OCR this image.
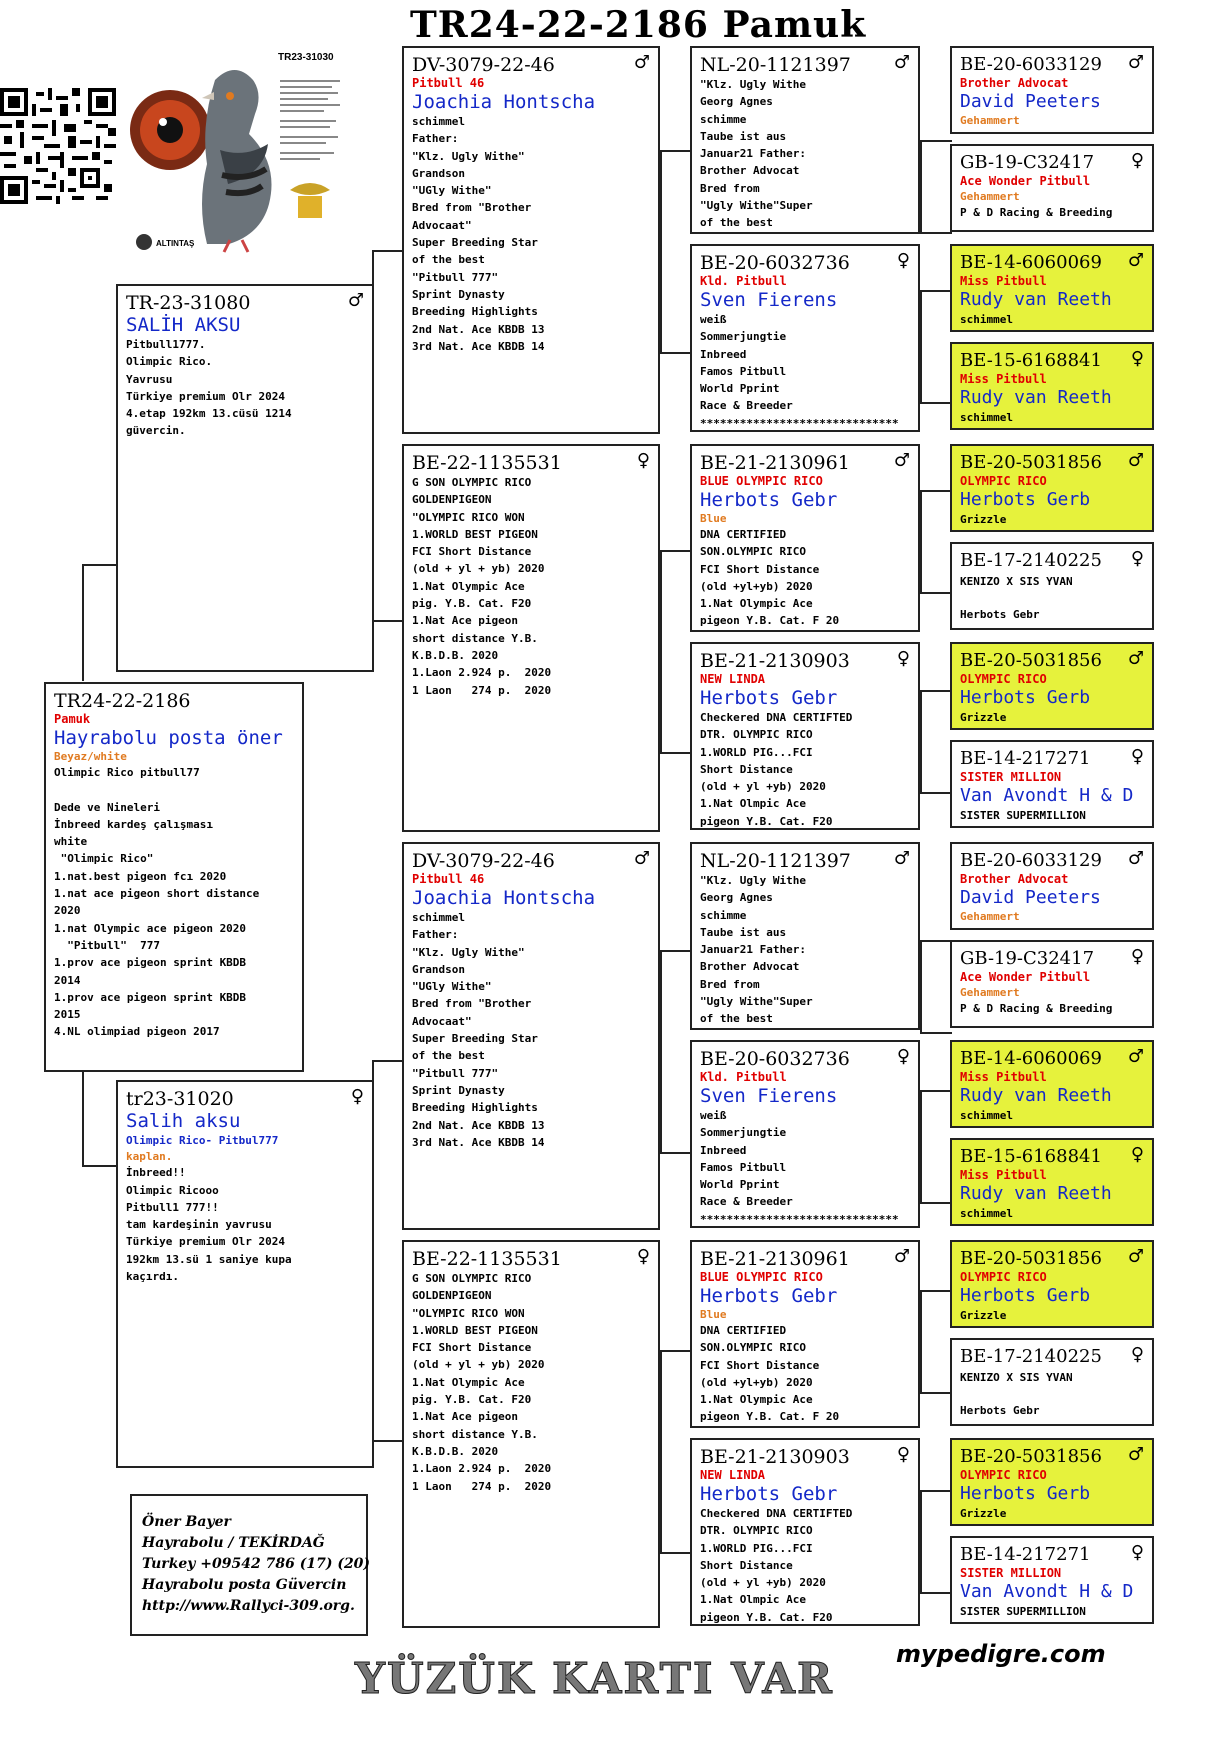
TR24-22-2186 Pamuk
TR23-31030
ALTINTAŞ
TR24-22-2186
Pamuk
Hayrabolu posta öner
Beyaz/white
Olimpic Rico pitbull77

Dede ve Nineleri
İnbreed kardeş çalışması
white
"Olimpic Rico"
1.nat.best pigeon fcı 2020
1.nat ace pigeon short distance
2020
1.nat Olympic ace pigeon 2020
"Pitbull"  777
1.prov ace pigeon sprint KBDB
2014
1.prov ace pigeon sprint KBDB
2015
4.NL olimpiad pigeon 2017
TR-23-31080	♂
SALİH AKSU
Pitbull1777.
Olimpic Rico.
Yavrusu
Türkiye premium Olr 2024
4.etap 192km 13.cüsü 1214
güvercin.
tr23-31020	♀
Salih aksu
Olimpic Rico- Pitbul777
kaplan.
İnbreed!!
Olimpic Ricooo
Pitbull1 777!!
tam kardeşinin yavrusu
Türkiye premium Olr 2024
192km 13.sü 1 saniye kupa
kaçırdı.
DV-3079-22-46	♂
Pitbull 46
Joachia Hontscha
schimmel
Father:
"Klz. Ugly Withe"
Grandson
"UGly Withe"
Bred from "Brother
Advocaat"
Super Breeding Star
of the best
"Pitbull 777"
Sprint Dynasty
Breeding Highlights
2nd Nat. Ace KBDB 13
3rd Nat. Ace KBDB 14
BE-22-1135531	♀
G SON OLYMPIC RICO
GOLDENPIGEON
"OLYMPIC RICO WON
1.WORLD BEST PIGEON
FCI Short Distance
(old + yl + yb) 2020
1.Nat Olympic Ace
pig. Y.B. Cat. F20
1.Nat Ace pigeon
short distance Y.B.
K.B.D.B. 2020
1.Laon 2.924 p.  2020
1 Laon   274 p.  2020
DV-3079-22-46	♂
Pitbull 46
Joachia Hontscha
schimmel
Father:
"Klz. Ugly Withe"
Grandson
"UGly Withe"
Bred from "Brother
Advocaat"
Super Breeding Star
of the best
"Pitbull 777"
Sprint Dynasty
Breeding Highlights
2nd Nat. Ace KBDB 13
3rd Nat. Ace KBDB 14
BE-22-1135531	♀
G SON OLYMPIC RICO
GOLDENPIGEON
"OLYMPIC RICO WON
1.WORLD BEST PIGEON
FCI Short Distance
(old + yl + yb) 2020
1.Nat Olympic Ace
pig. Y.B. Cat. F20
1.Nat Ace pigeon
short distance Y.B.
K.B.D.B. 2020
1.Laon 2.924 p.  2020
1 Laon   274 p.  2020
NL-20-1121397	♂
"Klz. Ugly Withe
Georg Agnes
schimme
Taube ist aus
Januar21 Father:
Brother Advocat
Bred from
"Ugly Withe"Super
of the best
BE-20-6032736	♀
Kld. Pitbull
Sven Fierens
weiß
Sommerjungtie
Inbreed
Famos Pitbull
World Pprint
Race & Breeder
******************************
BE-21-2130961	♂
BLUE OLYMPIC RICO
Herbots Gebr
Blue
DNA CERTIFIED
SON.OLYMPIC RICO
FCI Short Distance
(old +yl+yb) 2020
1.Nat Olympic Ace
pigeon Y.B. Cat. F 20
BE-21-2130903	♀
NEW LINDA
Herbots Gebr
Checkered DNA CERTIFTED
DTR. OLYMPIC RICO
1.WORLD PIG...FCI
Short Distance
(old + yl +yb) 2020
1.Nat Olmpic Ace
pigeon Y.B. Cat. F20
NL-20-1121397	♂
"Klz. Ugly Withe
Georg Agnes
schimme
Taube ist aus
Januar21 Father:
Brother Advocat
Bred from
"Ugly Withe"Super
of the best
BE-20-6032736	♀
Kld. Pitbull
Sven Fierens
weiß
Sommerjungtie
Inbreed
Famos Pitbull
World Pprint
Race & Breeder
******************************
BE-21-2130961	♂
BLUE OLYMPIC RICO
Herbots Gebr
Blue
DNA CERTIFIED
SON.OLYMPIC RICO
FCI Short Distance
(old +yl+yb) 2020
1.Nat Olympic Ace
pigeon Y.B. Cat. F 20
BE-21-2130903	♀
NEW LINDA
Herbots Gebr
Checkered DNA CERTIFTED
DTR. OLYMPIC RICO
1.WORLD PIG...FCI
Short Distance
(old + yl +yb) 2020
1.Nat Olmpic Ace
pigeon Y.B. Cat. F20
BE-20-6033129	♂
Brother Advocat
David Peeters
Gehammert
GB-19-C32417	♀
Ace Wonder Pitbull
Gehammert
P & D Racing & Breeding
BE-14-6060069	♂
Miss Pitbull
Rudy van Reeth
schimmel
BE-15-6168841	♀
Miss Pitbull
Rudy van Reeth
schimmel
BE-20-5031856	♂
OLYMPIC RICO
Herbots Gerb
Grizzle
BE-17-2140225	♀
KENIZO X SIS YVAN

Herbots Gebr
BE-20-5031856	♂
OLYMPIC RICO
Herbots Gerb
Grizzle
BE-14-217271	♀
SISTER MILLION
Van Avondt H & D
SISTER SUPERMILLION
BE-20-6033129	♂
Brother Advocat
David Peeters
Gehammert
GB-19-C32417	♀
Ace Wonder Pitbull
Gehammert
P & D Racing & Breeding
BE-14-6060069	♂
Miss Pitbull
Rudy van Reeth
schimmel
BE-15-6168841	♀
Miss Pitbull
Rudy van Reeth
schimmel
BE-20-5031856	♂
OLYMPIC RICO
Herbots Gerb
Grizzle
BE-17-2140225	♀
KENIZO X SIS YVAN

Herbots Gebr
BE-20-5031856	♂
OLYMPIC RICO
Herbots Gerb
Grizzle
BE-14-217271	♀
SISTER MILLION
Van Avondt H & D
SISTER SUPERMILLION
Öner Bayer
Hayrabolu / TEKİRDAĞ
Turkey +09542 786 (17) (20)
Hayrabolu posta Güvercin
http://www.Rallyci-309.org.
YÜZÜK KARTI VAR	mypedigre.com
